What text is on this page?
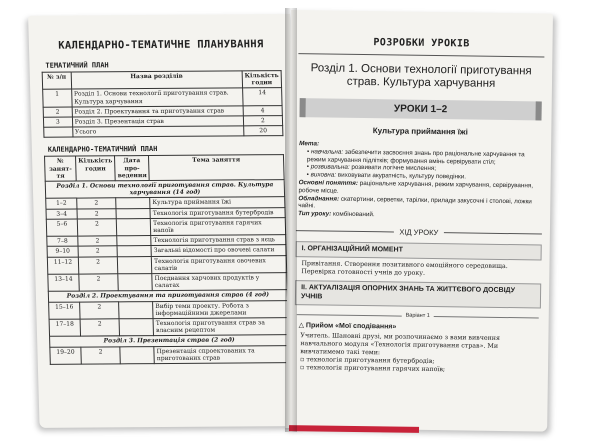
КАЛЕНДАРНО-ТЕМАТИЧНЕ ПЛАНУВАННЯ
ТЕМАТИЧНИЙ ПЛАН
№ з/п	Назва розділів	Кількість годин
1	Розділ 1. Основи технології приготування страв. Культура харчування	14
2	Розділ 2. Проектування та приготування страв	4
3	Розділ 3. Презентація страв	2
	Усього	20
КАЛЕНДАРНО-ТЕМАТИЧНИЙ ПЛАН
№ занят-тя	Кількість годин	Дата про-ведення	Тема заняття
Розділ 1. Основи технології приготування страв. Культура харчування (14 год)			
1–2	2		Культура приймання їжі
3–4	2		Технологія приготування бутербродів
5–6	2		Технологія приготування гарячих напоїв
7–8	2		Технологія приготування страв з яєць
9–10	2		Загальні відомості про овочеві салати
11–12	2		Технологія приготування овочевих салатів
13–14	2		Поєднання харчових продуктів у салатах
Розділ 2. Проектування та приготування страв (4 год)			
15–16	2		Вибір теми проекту. Робота з інформаційними джерелами
17–18	2		Технологія приготування страв за власним рецептом
Розділ 3. Презентація страв (2 год)			
19–20	2		Презентація спроектованих та приготованих страв
РОЗРОБКИ УРОКІВ
Розділ 1. Основи технології приготування страв. Культура харчування
УРОКИ 1–2
Культура приймання їжі
Мета:
• навчальна: забезпечити засвоєння знань про раціональне харчування та режим харчування підлітків; формування вмінь сервірувати стіл;
• розвивальна: розвивати логічне мислення;
• виховна: виховувати акуратність, культуру поведінки.
Основні поняття: раціональне харчування, режим харчування, сервірування, робоче місце.
Обладнання: скатертини, серветки, тарілки, прилади закусочні і столові, ложки чайні.
Тип уроку: комбінований.
ХІД УРОКУ
I. ОРГАНІЗАЦІЙНИЙ МОМЕНТ
Привітання. Створення позитивного емоційного середовища.
Перевірка готовності учнів до уроку.
II. АКТУАЛІЗАЦІЯ ОПОРНИХ ЗНАНЬ ТА ЖИТТЄВОГО ДОСВІДУ УЧНІВ
Варіант 1
△ Прийом «Мої сподівання»
Учитель. Шановні друзі, ми розпочинаємо з вами вивчення навчального модуля «Технологія приготування страв». Ми вивчатимемо такі теми:
▫ технологія приготування бутербродів;
▫ технологія приготування гарячих напоїв;
